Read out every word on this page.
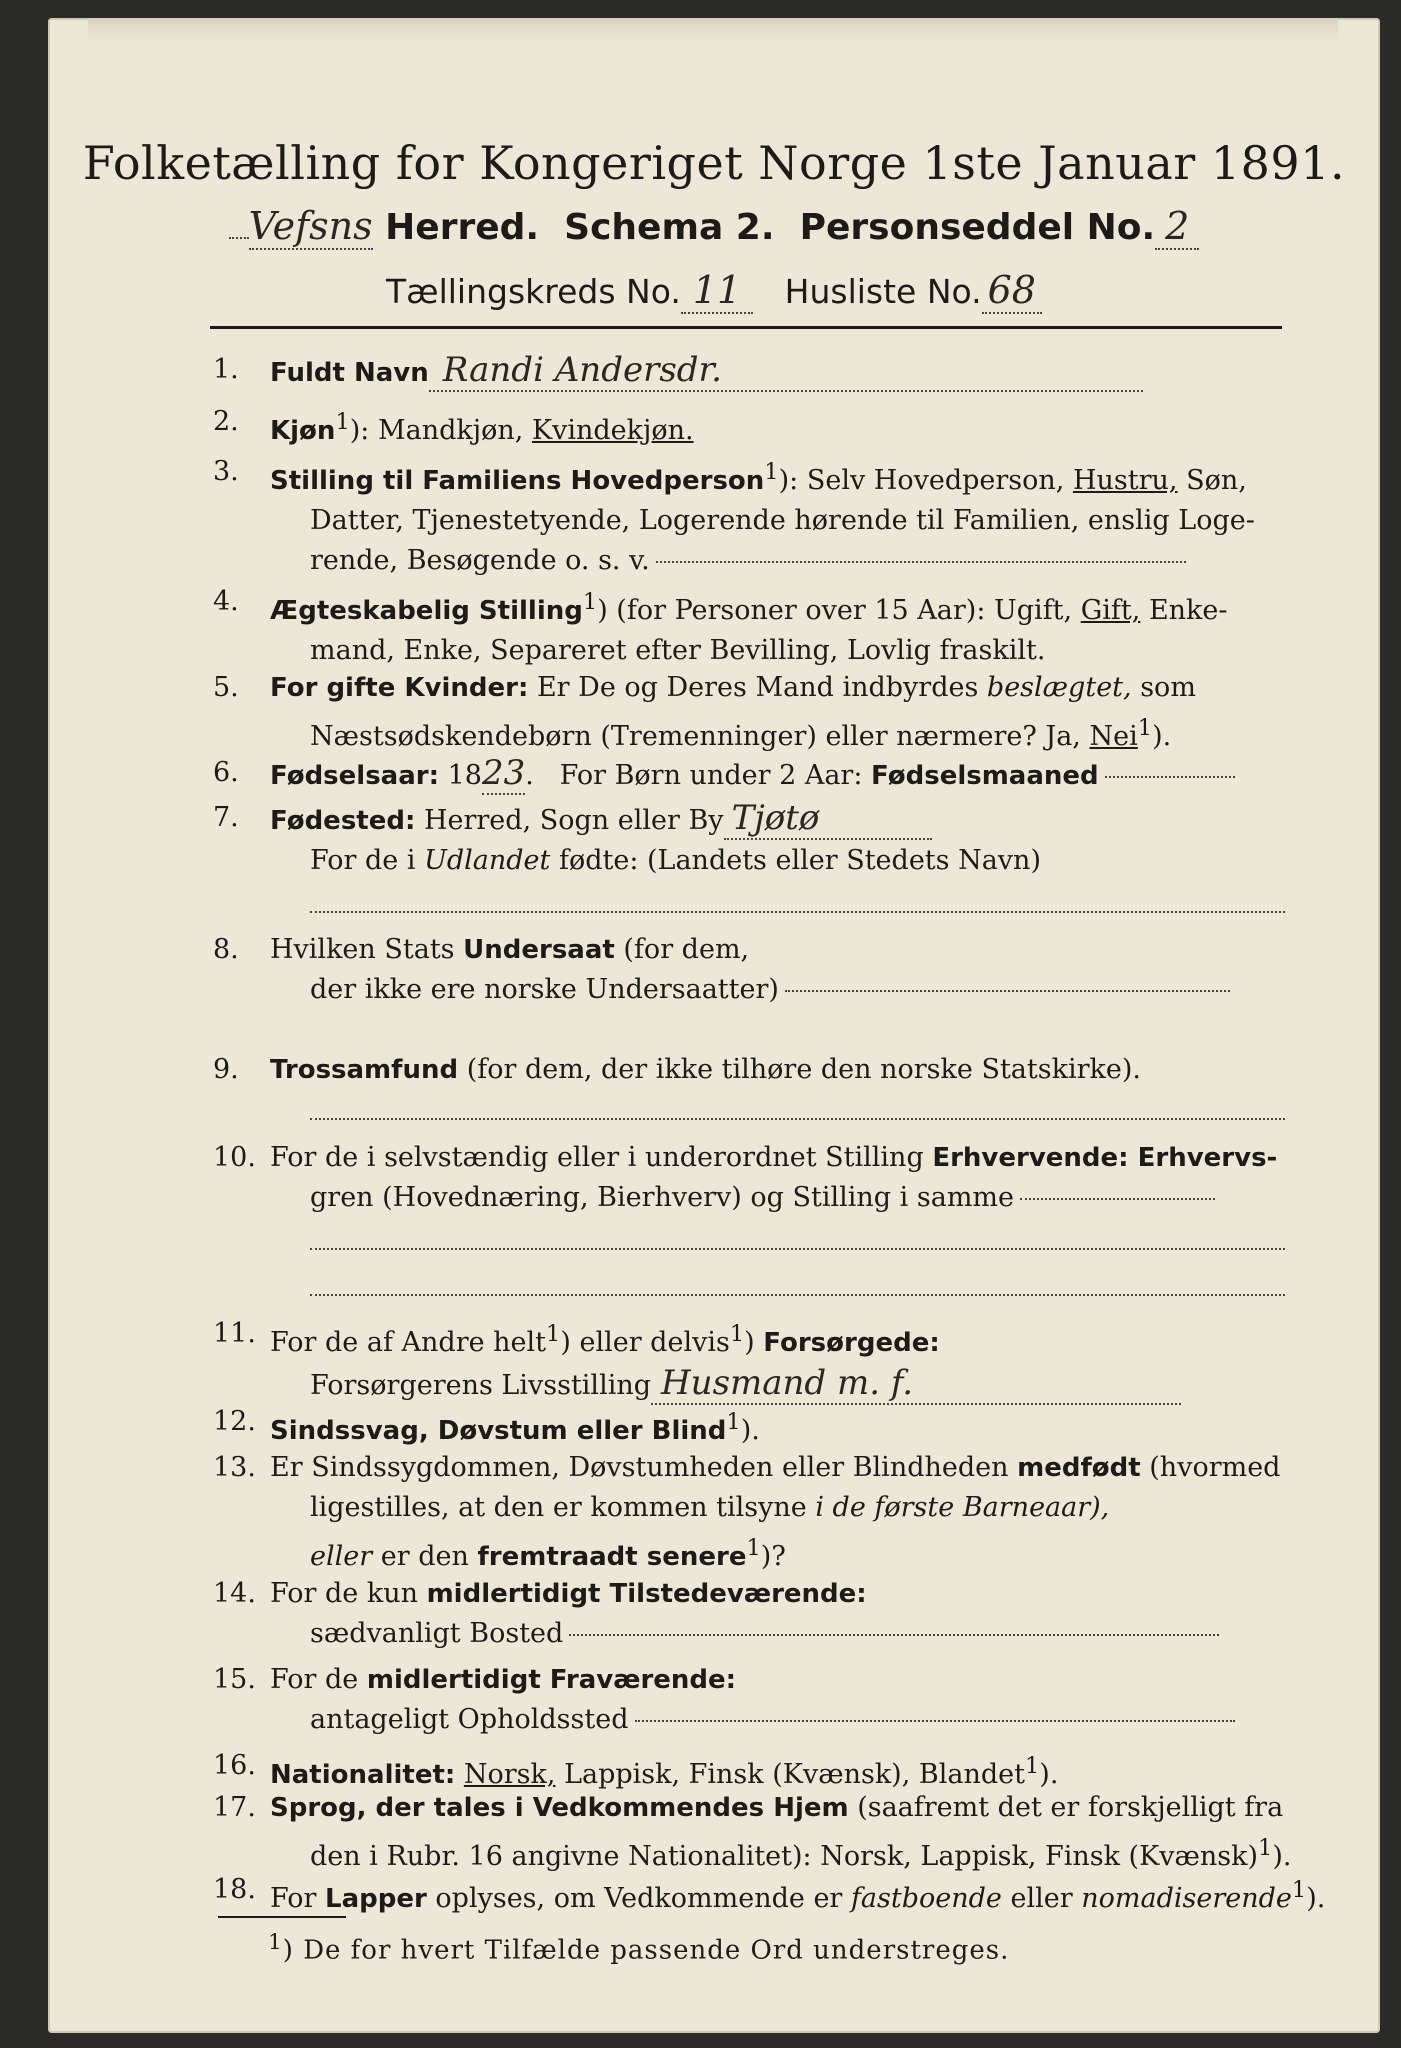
Folketælling for Kongeriget Norge 1ste Januar 1891.
Vefsns Herred. Schema 2. Personseddel No. 2
Tællingskreds No. 11 Husliste No. 68
1.	Fuldt Navn Randi Andersdr.
2.	Kjøn$^1$): Mandkjøn, Kvindekjøn.
3.	Stilling til Familiens Hovedperson$^1$): Selv Hovedperson, Hustru, Søn,
Datter, Tjenestetyende, Logerende hørende til Familien, enslig Loge-
rende, Besøgende o. s. v.
4.	Ægteskabelig Stilling$^1$) (for Personer over 15 Aar): Ugift, Gift, Enke-
mand, Enke, Separeret efter Bevilling, Lovlig fraskilt.
5.	For gifte Kvinder: Er De og Deres Mand indbyrdes beslægtet, som
Næstsødskendebørn (Tremenninger) eller nærmere? Ja, Nei$^1$).
6.	Fødselsaar: 1823.   For Børn under 2 Aar: Fødselsmaaned
7.	Fødested: Herred, Sogn eller By Tjøtø
For de i Udlandet fødte: (Landets eller Stedets Navn)
8.	Hvilken Stats Undersaat (for dem,
der ikke ere norske Undersaatter)
9.	Trossamfund (for dem, der ikke tilhøre den norske Statskirke).
10. For de i selvstændig eller i underordnet Stilling Erhvervende: Erhvervs-
gren (Hovednæring, Bierhverv) og Stilling i samme
11. For de af Andre helt$^1$) eller delvis$^1$) Forsørgede:
Forsørgerens Livsstilling Husmand m. f.
12. Sindssvag, Døvstum eller Blind$^1$).
13. Er Sindssygdommen, Døvstumheden eller Blindheden medfødt (hvormed
ligestilles, at den er kommen tilsyne i de første Barneaar),
eller er den fremtraadt senere$^1$)?
14. For de kun midlertidigt Tilstedeværende:
sædvanligt Bosted
15. For de midlertidigt Fraværende:
antageligt Opholdssted
16. Nationalitet: Norsk, Lappisk, Finsk (Kvænsk), Blandet$^1$).
17. Sprog, der tales i Vedkommendes Hjem (saafremt det er forskjelligt fra
den i Rubr. 16 angivne Nationalitet): Norsk, Lappisk, Finsk (Kvænsk)$^1$).
18. For Lapper oplyses, om Vedkommende er fastboende eller nomadiserende$^1$).
$^1$) De for hvert Tilfælde passende Ord understreges.
